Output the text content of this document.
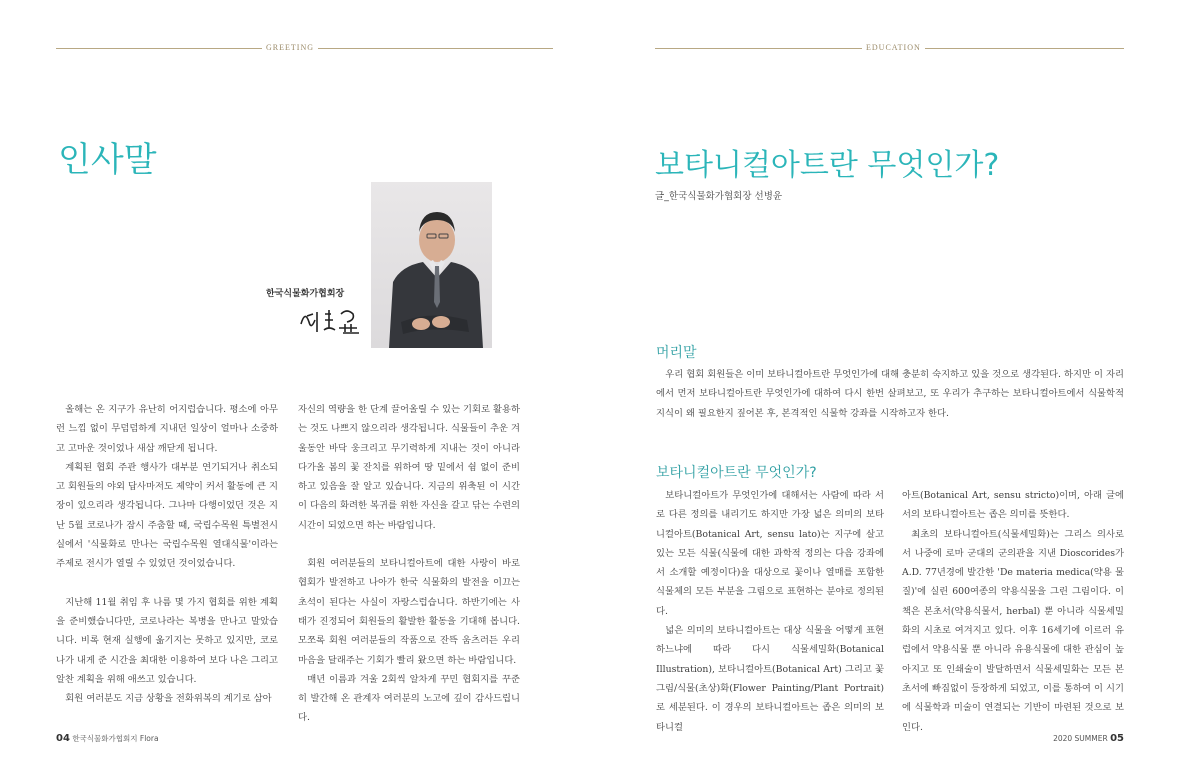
GREETING	EDUCATION
인사말
한국식물화가협회장

올해는 온 지구가 유난히 어지럽습니다. 평소에 아무런 느낌 없이 무덤덤하게 지내던 일상이 얼마나 소중하고 고마운 것이었나 새삼 깨닫게 됩니다.

계획된 협회 주관 행사가 대부분 연기되거나 취소되고 회원들의 야외 답사마저도 제약이 커서 활동에 큰 지장이 있으리라 생각됩니다. 그나마 다행이었던 것은 지난 5월 코로나가 잠시 주춤할 때, 국립수목원 특별전시실에서 '식물화로 만나는 국립수목원 열대식물'이라는 주제로 전시가 열릴 수 있었던 것이었습니다.

지난해 11월 취임 후 나름 몇 가지 협회를 위한 계획을 준비했습니다만, 코로나라는 복병을 만나고 말았습니다. 비록 현재 실행에 옮기지는 못하고 있지만, 코로나가 내게 준 시간을 최대한 이용하여 보다 나은 그리고 알찬 계획을 위해 애쓰고 있습니다.

회원 여러분도 지금 상황을 전화위복의 계기로 삼아

자신의 역량을 한 단계 끌어올릴 수 있는 기회로 활용하는 것도 나쁘지 않으리라 생각됩니다. 식물들이 추운 겨울동안 바닥 웅크리고 무기력하게 지내는 것이 아니라 다가올 봄의 꽃 잔치를 위하여 땅 밑에서 쉼 없이 준비하고 있음을 잘 알고 있습니다. 지금의 위축된 이 시간이 다음의 화려한 복귀를 위한 자신을 갈고 닦는 수련의 시간이 되었으면 하는 바람입니다.

회원 여러분들의 보타니컬아트에 대한 사랑이 바로 협회가 발전하고 나아가 한국 식물화의 발전을 이끄는 초석이 된다는 사실이 자랑스럽습니다. 하반기에는 사태가 진정되어 회원들의 활발한 활동을 기대해 봅니다. 모쪼록 회원 여러분들의 작품으로 잔뜩 움츠러든 우리 마음을 달래주는 기회가 빨리 왔으면 하는 바람입니다.

매년 이름과 겨울 2회씩 알차게 꾸민 협회지를 꾸준히 발간해 온 관계자 여러분의 노고에 깊이 감사드립니다.

04 한국식물화가협회지 Flora
보타니컬아트란 무엇인가?
글_한국식물화가협회장 선병윤
머리말

우리 협회 회원들은 이미 보타니컬아트란 무엇인가에 대해 충분히 숙지하고 있을 것으로 생각된다. 하지만 이 자리에서 먼저 보타니컬아트란 무엇인가에 대하여 다시 한번 살펴보고, 또 우리가 추구하는 보타니컬아트에서 식물학적 지식이 왜 필요한지 짚어본 후, 본격적인 식물학 강좌를 시작하고자 한다.

보타니컬아트란 무엇인가?

보타니컬아트가 무엇인가에 대해서는 사람에 따라 서로 다른 정의를 내리기도 하지만 가장 넓은 의미의 보타니컬아트(Botanical Art, sensu lato)는 지구에 살고 있는 모든 식물(식물에 대한 과학적 정의는 다음 강좌에서 소개할 예정이다)을 대상으로 꽃이나 열매를 포함한 식물체의 모든 부분을 그림으로 표현하는 분야로 정의된다.

넓은 의미의 보타니컬아트는 대상 식물을 어떻게 표현하느냐에 따라 다시 식물세밀화(Botanical Illustration), 보타니컬아트(Botanical Art) 그리고 꽃그림/식물(초상)화(Flower Painting/Plant Portrait)로 세분된다. 이 경우의 보타니컬아트는 좁은 의미의 보타니컬

아트(Botanical Art, sensu stricto)이며, 아래 글에서의 보타니컬아트는 좁은 의미를 뜻한다.

최초의 보타니컬아트(식물세밀화)는 그리스 의사로서 나중에 로마 군대의 군의관을 지낸 Dioscorides가 A.D. 77년경에 발간한 'De materia medica(약용 물질)'에 실린 600여종의 약용식물을 그린 그림이다. 이 책은 본초서(약용식물서, herbal) 뿐 아니라 식물세밀화의 시초로 여겨지고 있다. 이후 16세기에 이르러 유럽에서 약용식물 뿐 아니라 유용식물에 대한 관심이 높아지고 또 인쇄술이 발달하면서 식물세밀화는 모든 본초서에 빠짐없이 등장하게 되었고, 이를 통하여 이 시기에 식물학과 미술이 연결되는 기반이 마련된 것으로 보인다.

2020 SUMMER 05
